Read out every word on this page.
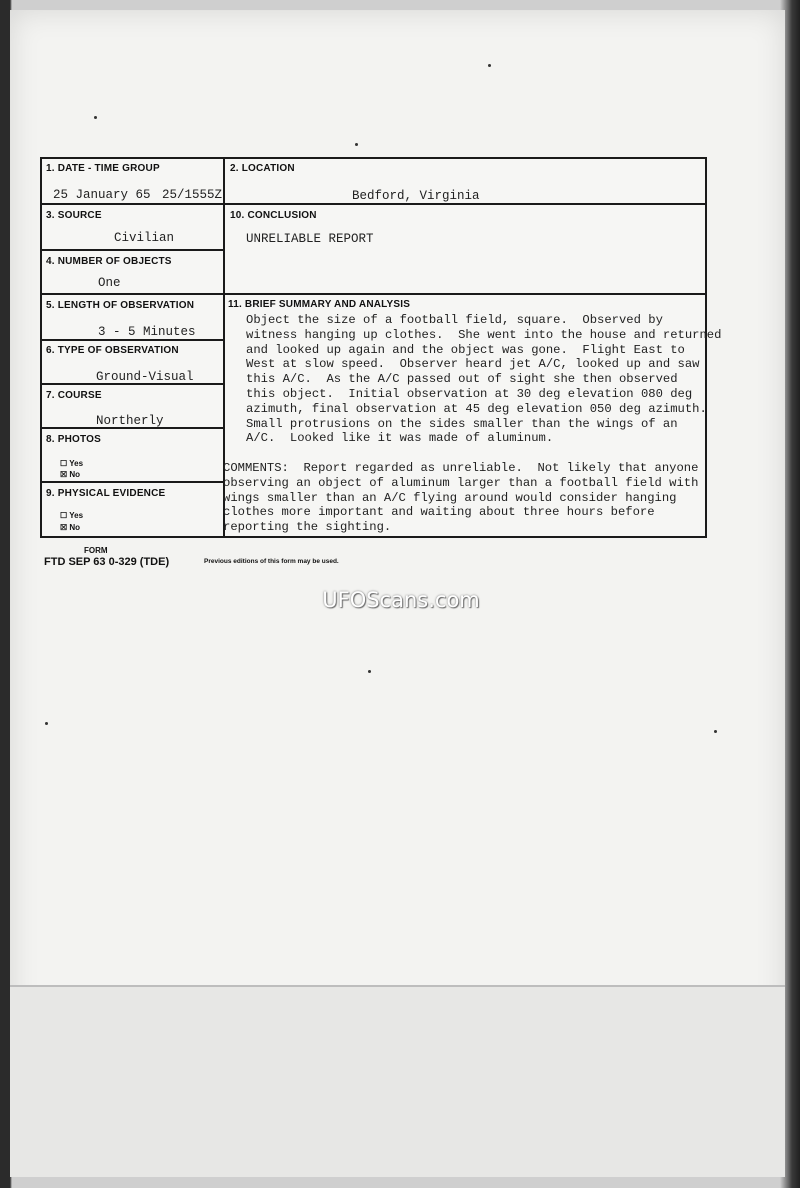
1. DATE - TIME GROUP
25 January 65 25/1555Z
2. LOCATION
Bedford, Virginia
3. SOURCE
Civilian
10. CONCLUSION
UNRELIABLE REPORT
4. NUMBER OF OBJECTS
One
5. LENGTH OF OBSERVATION
3 - 5 Minutes
6. TYPE OF OBSERVATION
Ground-Visual
7. COURSE
Northerly
8. PHOTOS
☐ Yes
☒ No
9. PHYSICAL EVIDENCE
☐ Yes
☒ No
11. BRIEF SUMMARY AND ANALYSIS
Object the size of a football field, square.  Observed by
witness hanging up clothes.  She went into the house and returned
and looked up again and the object was gone.  Flight East to
West at slow speed.  Observer heard jet A/C, looked up and saw
this A/C.  As the A/C passed out of sight she then observed
this object.  Initial observation at 30 deg elevation 080 deg
azimuth, final observation at 45 deg elevation 050 deg azimuth.
Small protrusions on the sides smaller than the wings of an
A/C.  Looked like it was made of aluminum.
COMMENTS:  Report regarded as unreliable.  Not likely that anyone
observing an object of aluminum larger than a football field with
wings smaller than an A/C flying around would consider hanging
clothes more important and waiting about three hours before
reporting the sighting.
FORM
FTD SEP 63 0-329 (TDE)	Previous editions of this form may be used.
UFOScans.com
